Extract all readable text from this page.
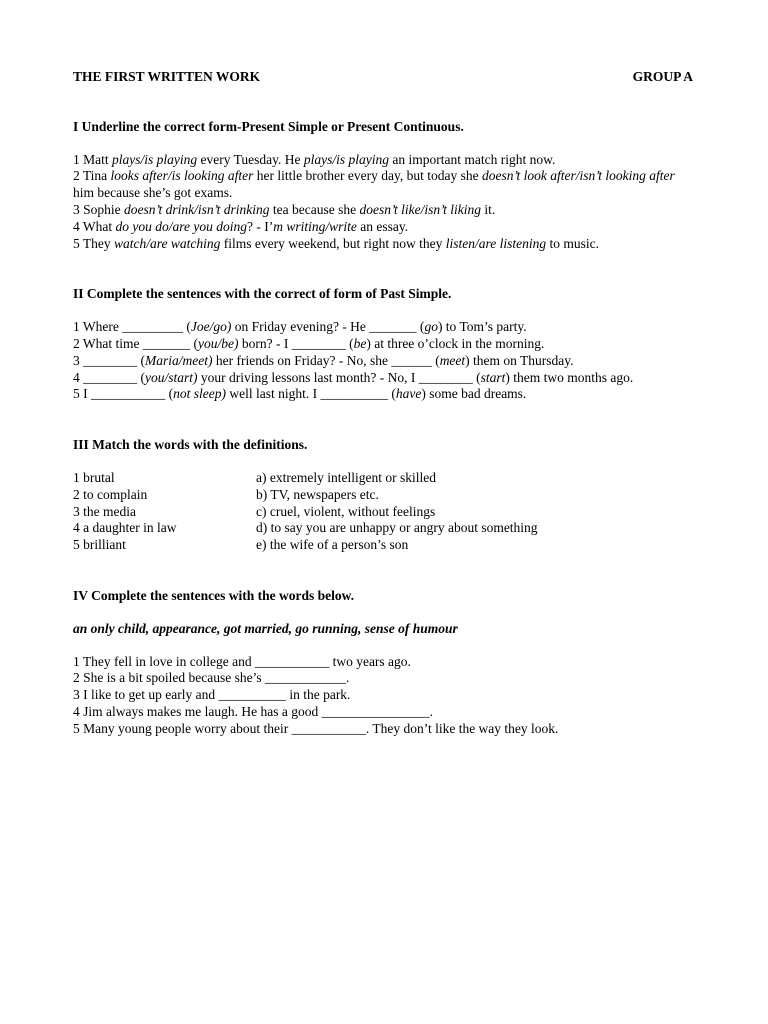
THE FIRST WRITTEN WORK	GROUP A

I Underline the correct form-Present Simple or Present Continuous.

1 Matt plays/is playing every Tuesday. He plays/is playing an important match right now.

2 Tina looks after/is looking after her little brother every day, but today she doesn’t look after/isn’t looking after him because she’s got exams.

3 Sophie doesn’t drink/isn’t drinking tea because she doesn’t like/isn’t liking it.

4 What do you do/are you doing? - I’m writing/write an essay.

5 They watch/are watching films every weekend, but right now they listen/are listening to music.

II Complete the sentences with the correct of form of Past Simple.

1 Where _________ (Joe/go) on Friday evening? - He _______ (go) to Tom’s party.

2 What time _______ (you/be) born? - I ________ (be) at three o’clock in the morning.

3 ________ (Maria/meet) her friends on Friday? - No, she ______ (meet) them on Thursday.

4 ________ (you/start) your driving lessons last month? - No, I ________ (start) them two months ago.

5 I ___________ (not sleep) well last night. I __________ (have) some bad dreams.

III Match the words with the definitions.

1 brutal	a) extremely intelligent or skilled
2 to complain	b) TV, newspapers etc.
3 the media	c) cruel, violent, without feelings
4 a daughter in law	d) to say you are unhappy or angry about something
5 brilliant	e) the wife of a person’s son

IV Complete the sentences with the words below.

an only child, appearance, got married, go running, sense of humour

1 They fell in love in college and ___________ two years ago.

2 She is a bit spoiled because she’s ____________.

3 I like to get up early and __________ in the park.

4 Jim always makes me laugh. He has a good ________________.

5 Many young people worry about their ___________. They don’t like the way they look.
